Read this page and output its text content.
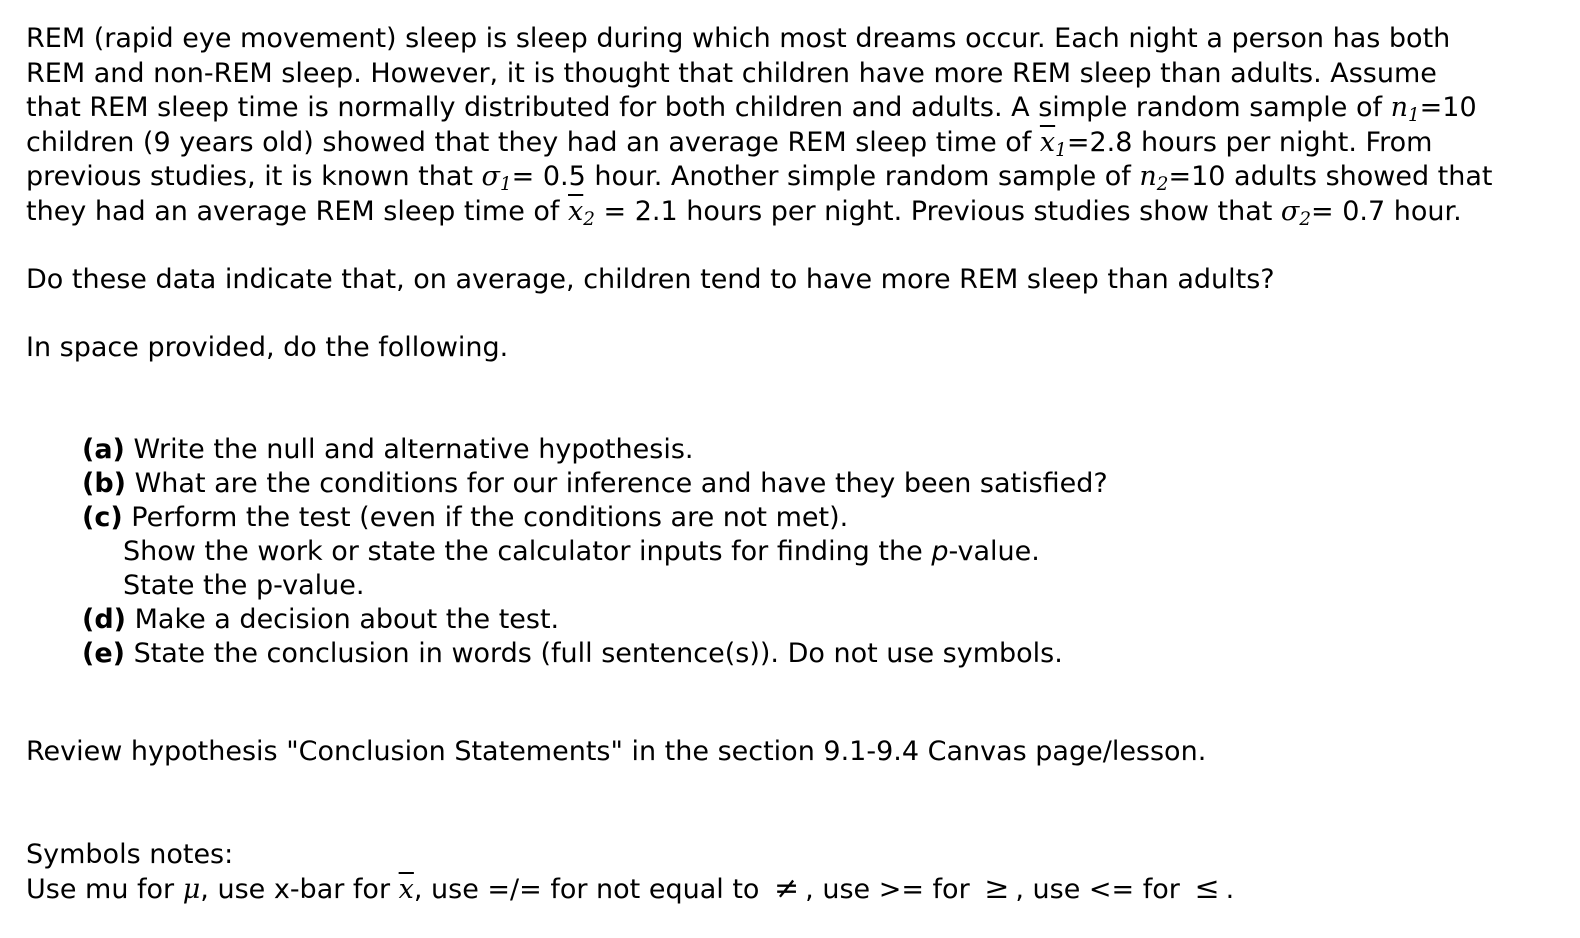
REM (rapid eye movement) sleep is sleep during which most dreams occur. Each night a person has both

REM and non-REM sleep. However, it is thought that children have more REM sleep than adults. Assume

that REM sleep time is normally distributed for both children and adults. A simple random sample of $n_1=10$

children (9 years old) showed that they had an average REM sleep time of $\overline{x}_1=2.8$ hours per night. From

previous studies, it is known that $\sigma_1= 0.5$ hour. Another simple random sample of $n_2=10$ adults showed that

they had an average REM sleep time of $\overline{x}_2 = 2.1$ hours per night. Previous studies show that $\sigma_2= 0.7$ hour.

Do these data indicate that, on average, children tend to have more REM sleep than adults?

In space provided, do the following.

(a) Write the null and alternative hypothesis.

(b) What are the conditions for our inference and have they been satisfied?

(c) Perform the test (even if the conditions are not met).

Show the work or state the calculator inputs for finding the p-value.

State the p-value.

(d) Make a decision about the test.

(e) State the conclusion in words (full sentence(s)). Do not use symbols.

Review hypothesis "Conclusion Statements" in the section 9.1-9.4 Canvas page/lesson.

Symbols notes:

Use mu for μ, use x-bar for $\overline{x}$, use =/= for not equal to ≠ , use >= for ≥ , use <= for ≤ .
